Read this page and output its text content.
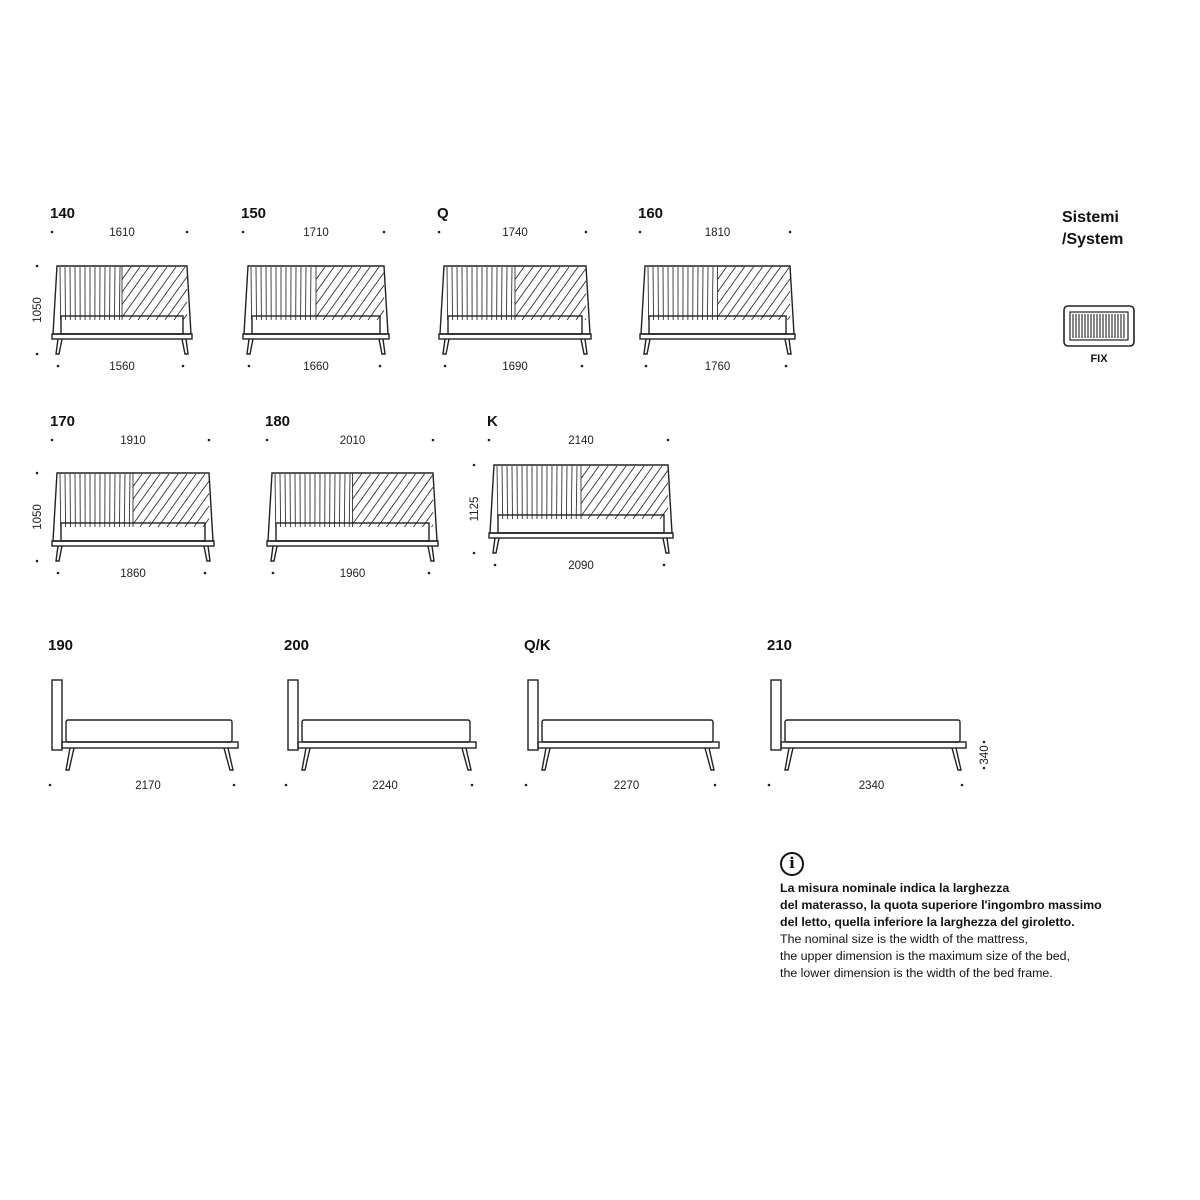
140
1610
1560
1050
150
1710
1660
Q
1740
1690
160
1810
1760
170
1910
1860
1050
180
2010
1960
K
2140
2090
1125
190
2170
200
2240
Q/K
2270
210
2340
340
FIX
Sistemi
/System
i
La misura nominale indica la larghezza
del materasso, la quota superiore l'ingombro massimo
del letto, quella inferiore la larghezza del giroletto.
The nominal size is the width of the mattress,
the upper dimension is the maximum size of the bed,
the lower dimension is the width of the bed frame.
